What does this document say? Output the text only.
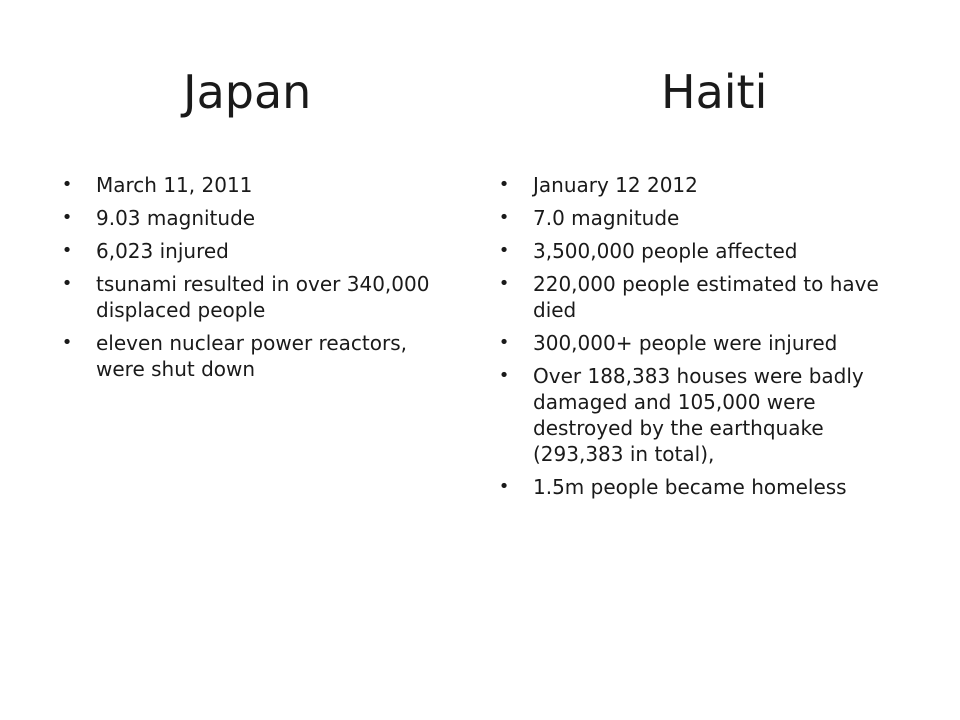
Japan	Haiti
• March 11, 2011
• 9.03 magnitude
• 6,023 injured
• tsunami resulted in over 340,000 displaced people
• eleven nuclear power reactors, were shut down
• January 12 2012
• 7.0 magnitude
• 3,500,000 people affected
• 220,000 people estimated to have died
• 300,000+ people were injured
• Over 188,383 houses were badly damaged and 105,000 were destroyed by the earthquake (293,383 in total),
• 1.5m people became homeless
